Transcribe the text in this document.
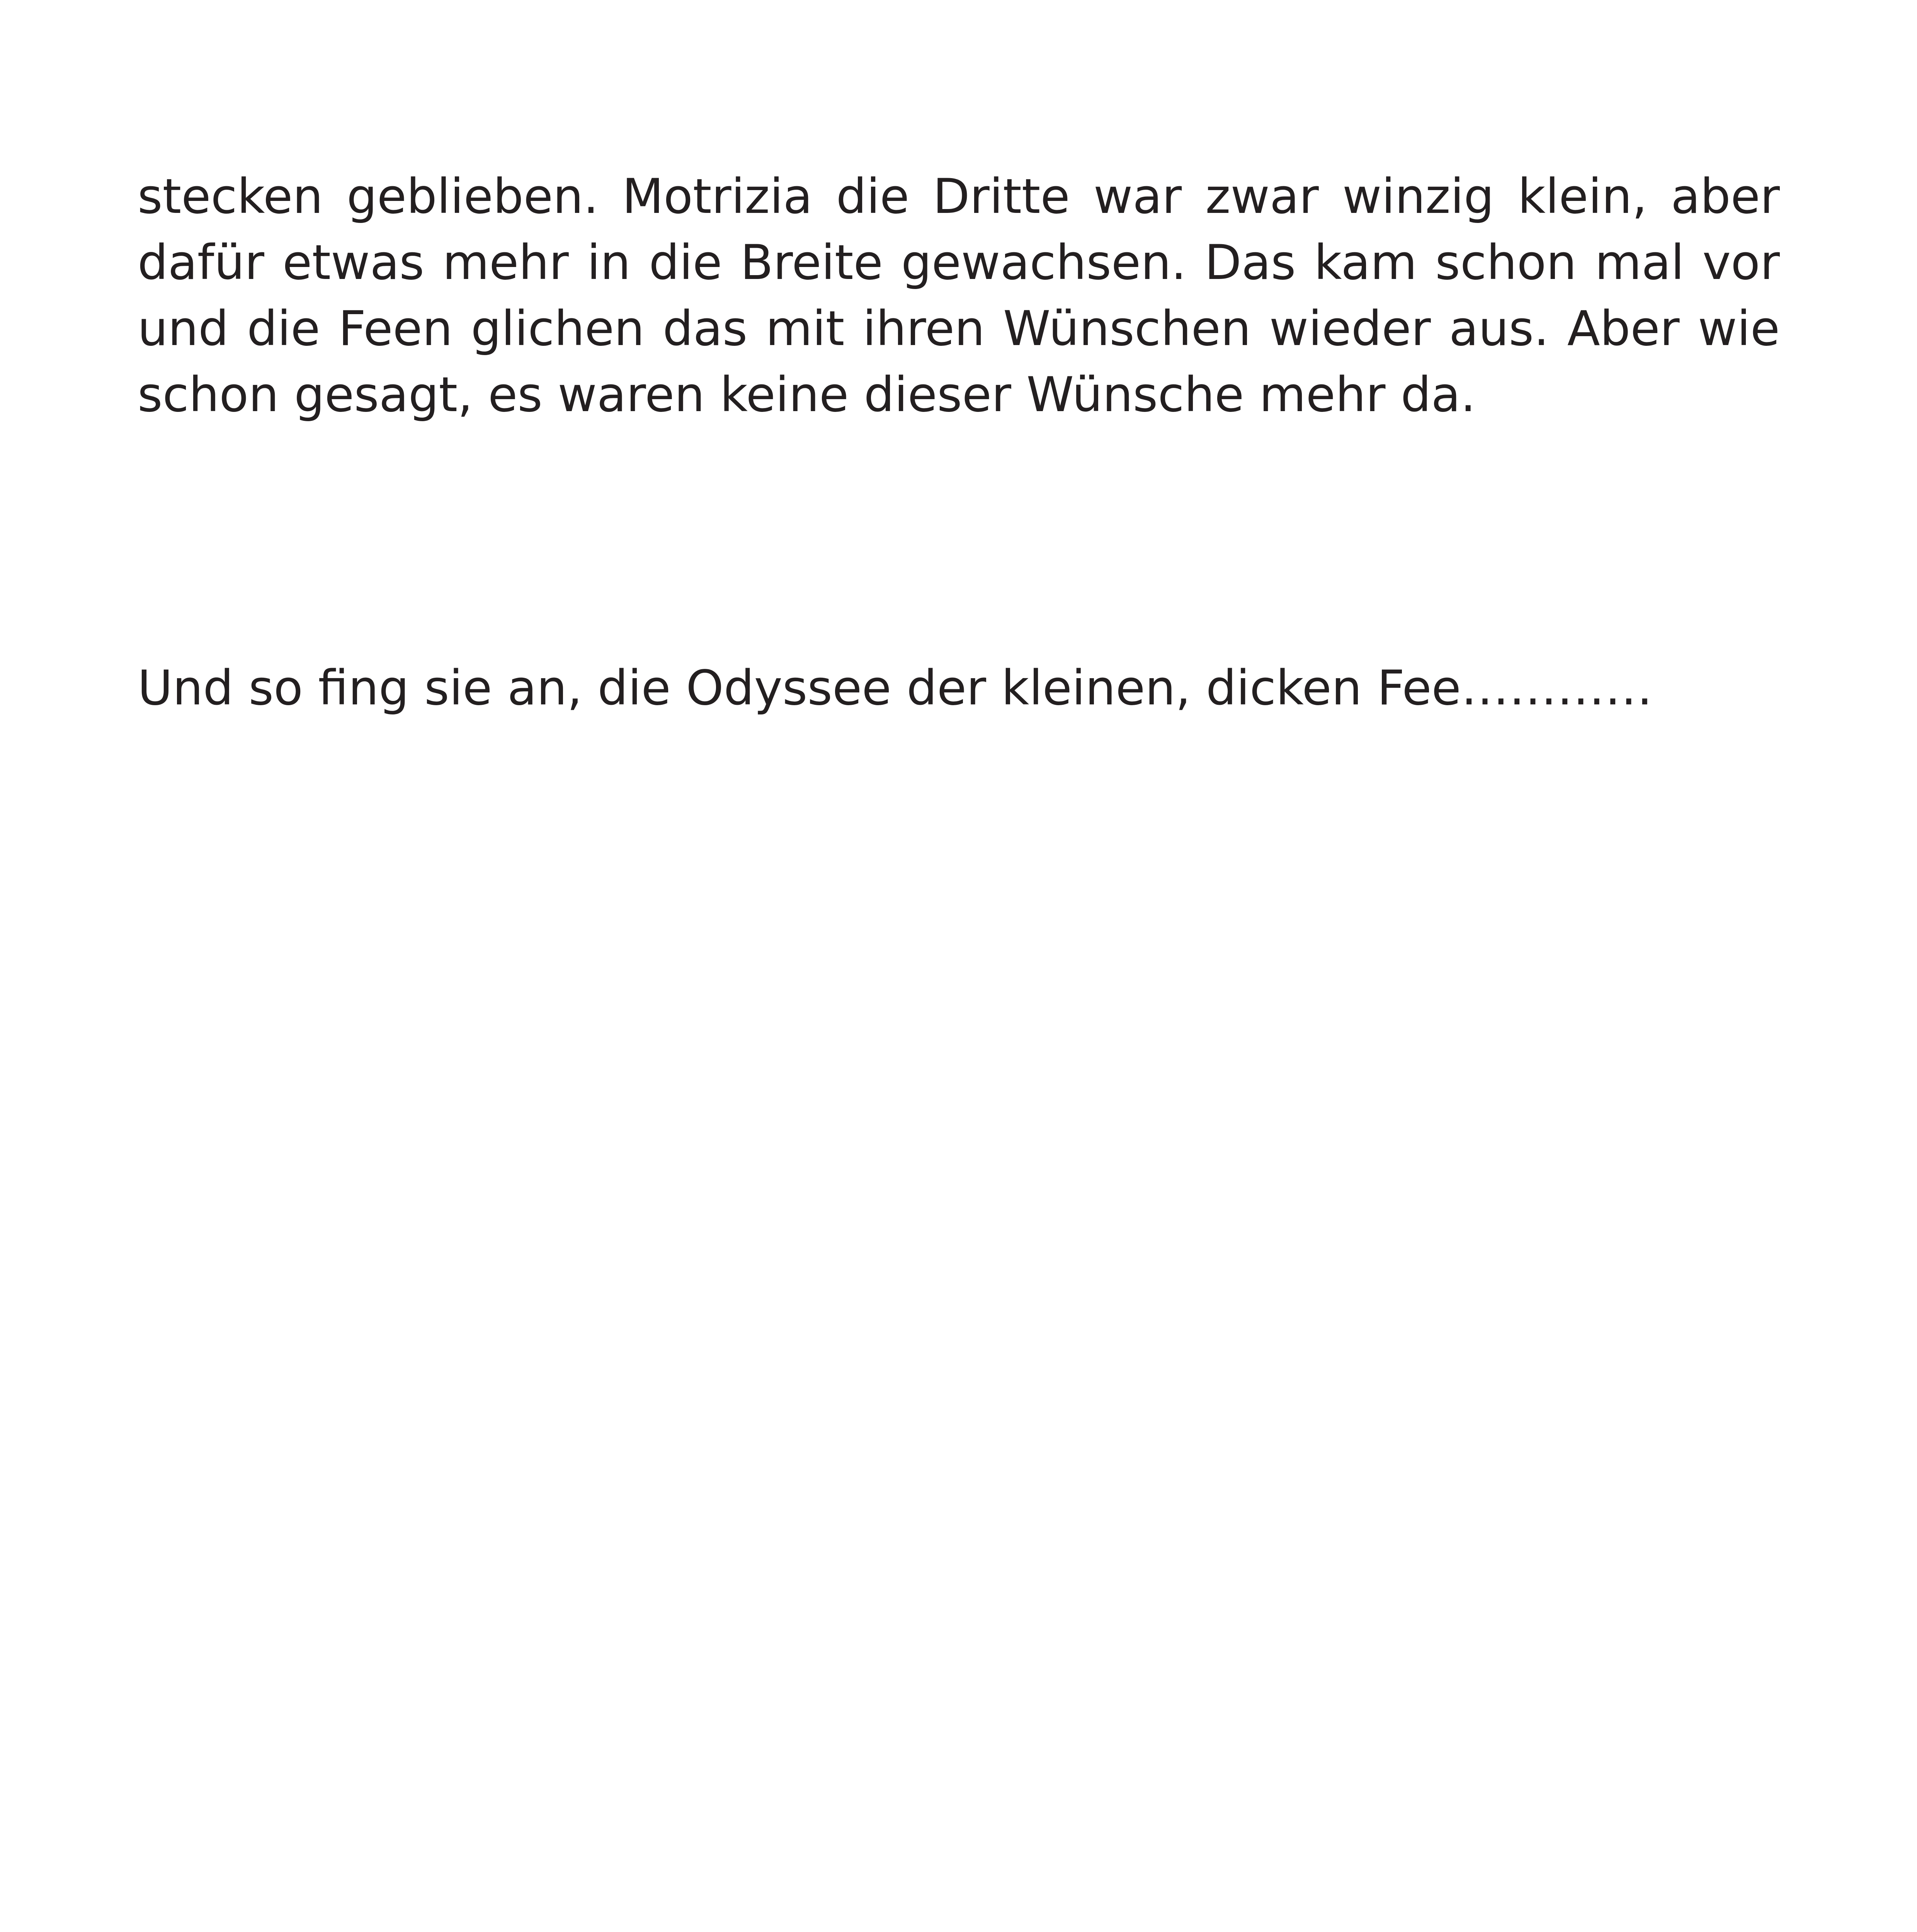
stecken geblieben. Motrizia die Dritte war zwar winzig klein, aber dafür etwas mehr in die Breite gewachsen. Das kam schon mal vor und die Feen glichen das mit ihren Wünschen wieder aus. Aber wie schon gesagt, es waren keine dieser Wünsche mehr da.

Und so fing sie an, die Odyssee der kleinen, dicken Fee…………
